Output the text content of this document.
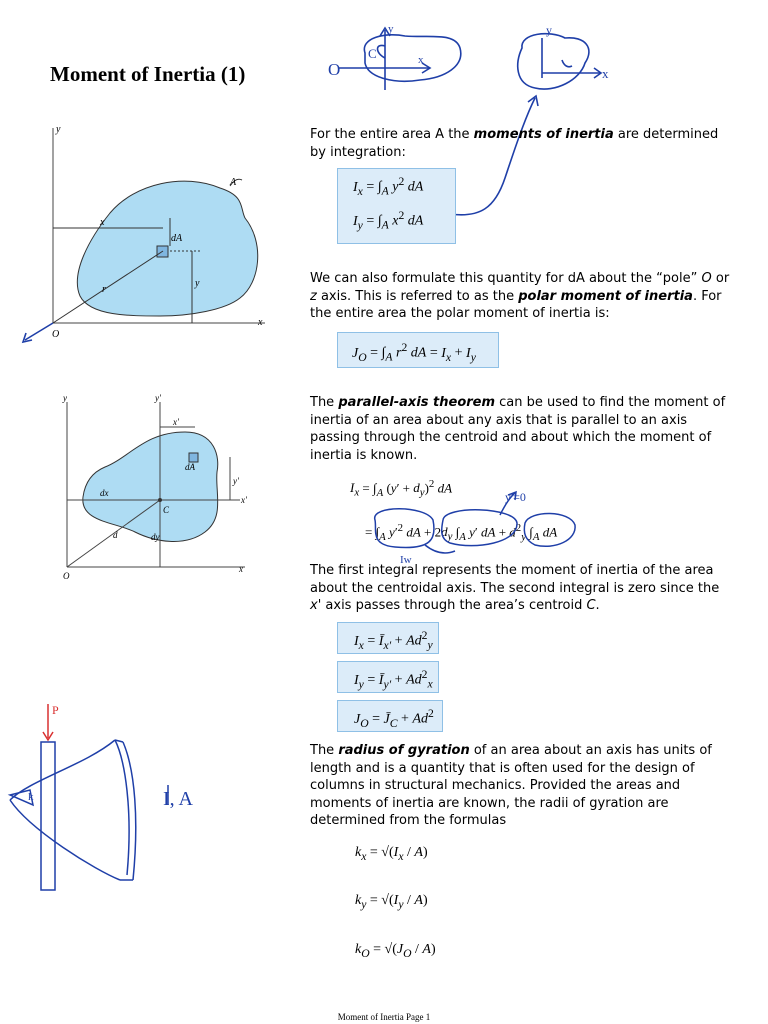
Moment of Inertia (1)	O
C
y
x
y
x
y
x
O
A
dA
r
x
y
For the entire area A the moments of inertia are determined by integration:
$I_x = \int_A$ $y^2$ dA
$I_y = \int_A$ $x^2$ dA
We can also formulate this quantity for dA about the “pole” O or z axis. This is referred to as the polar moment of inertia. For the entire area the polar moment of inertia is:
$J_O = \int_A$ $r^2$ dA = $I_x + I_y$
y	y'
x'
x
O
C
dA
dx
dy
d
x'
y'
The parallel-axis theorem can be used to find the moment of inertia of an area about any axis that is parallel to an axis passing through the centroid and about which the moment of inertia is known.
$I_x = \int_A$ $(y' + d_y)^2$ dA
= $\int_A$ $y'^2$ dA + $2d_y$ $\int_A$ y′ dA + $d^2_y$ $\int_A$ dA
y'=0
Iw
The first integral represents the moment of inertia of the area about the centroidal axis. The second integral is zero since the x' axis passes through the area’s centroid C.
$I_x$ = $Ī_{x'} + Ad^2_y$
$I_y$ = $Ī_{y'} + Ad^2_x$
$J_O$ = $J̄_C + Ad^2$
P
k	I, A
The radius of gyration of an area about an axis has units of length and is a quantity that is often used for the design of columns in structural mechanics. Provided the areas and moments of inertia are known, the radii of gyration are determined from the formulas
$k_x = √(I_x / A)$
$k_y = √(I_y / A)$
$k_O = √(J_O / A)$
Moment of Inertia Page 1
